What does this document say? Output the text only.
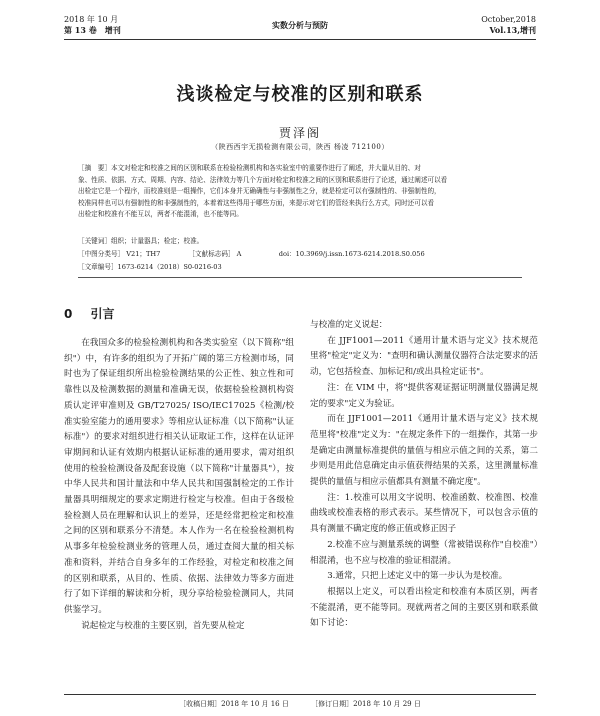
2018 年 10 月
第 13 卷　增刊	实数分析与预防
October,2018
Vol.13,增刊
浅谈检定与校准的区别和联系
贾泽阁
（陕西西宇无损检测有限公司，陕西 杨凌 712100）

［摘　要］本文对检定和校准之间的区别和联系在检验检测机构和各实验室中的重要作进行了阐述，并大量从目的、对

象、性质、依据、方式、周期、内容、结论、法律效力等几个方面对检定和校准之间的区别和联系进行了论述，通过阐述可以看

出检定它是一个程序，而校准则是一组操作，它们本身并无确确性与非强制性之分，就是检定可以有强制性的、非强制性的，

校准同样也可以有强制性的和非强制性的，本着着这些得用于哪些方面，来提示对它们的管经来执行么方式，同时还可以看

出检定和校准有不能互以，两者不能混淆，也不能等同。

［关键词］组织；计量器具；检定；校准。
［中图分类号］ V21；TH7	［文献标志码］ A	doi：10.3969/j.issn.1673-6214.2018.S0.056
［文章编号］1673-6214（2018）S0-0216-03
0 引言

在我国众多的检验检测机构和各类实验室（以下简称"组织"）中，有许多的组织为了开拓广阔的第三方检测市场，同时也为了保证组织所出检验检测结果的公正性、独立性和可靠性以及检测数据的测量和准确无误，依据检验检测机构资质认定评审准则及 GB/T27025/ ISO/IEC17025《检测/校准实验室能力的通用要求》等相应认证标准（以下简称"认证标准"）的要求对组织进行相关认证取证工作，这样在认证评审期间和认证有效期内根据认证标准的通用要求，需对组织使用的检验检测设备及配套设施（以下简称"计量器具"），按中华人民共和国计量法和中华人民共和国强制检定的工作计量器具明细规定的要求定期进行检定与校准。但由于各级检验检测人员在理解和认识上的差异，还是经常把检定和校准之间的区别和联系分不清楚。本人作为一名在检验检测机构从事多年检验检测业务的管理人员，通过查阅大量的相关标准和资料，并结合自身多年的工作经验，对检定和校准之间的区别和联系，从目的、性质、依据、法律效力等多方面进行了如下详细的解读和分析，现分享给检验检测同人，共同供鉴学习。

说起检定与校准的主要区别，首先要从检定

与校准的定义说起：

在 JJF1001—2011《通用计量术语与定义》技术规范里将"检定"定义为："查明和确认测量仪器符合法定要求的活动，它包括检查、加标记和/或出具检定证书"。

注：在 VIM 中，将"提供客观证据证明测量仪器满足规定的要求"定义为验证。

而在 JJF1001—2011《通用计量术语与定义》技术规范里将"校准"定义为："在规定条件下的一组操作，其第一步是确定由测量标准提供的量值与相应示值之间的关系，第二步则是用此信息确定由示值获得结果的关系，这里测量标准提供的量值与相应示值都具有测量不确定度"。

注：1.校准可以用文字说明、校准函数、校准图、校准曲线或校准表格的形式表示。某些情况下，可以包含示值的具有测量不确定度的修正值或修正因子

2.校准不应与测量系统的调整（常被错误称作"自校准"）相混淆，也不应与校准的验证相混淆。

3.通常，只把上述定义中的第一步认为是校准。

根据以上定义，可以看出检定和校准有本质区别，两者不能混淆，更不能等同。现就两者之间的主要区别和联系做如下讨论：

［收稿日期］2018 年 10 月 16 日	［修订日期］2018 年 10 月 29 日
